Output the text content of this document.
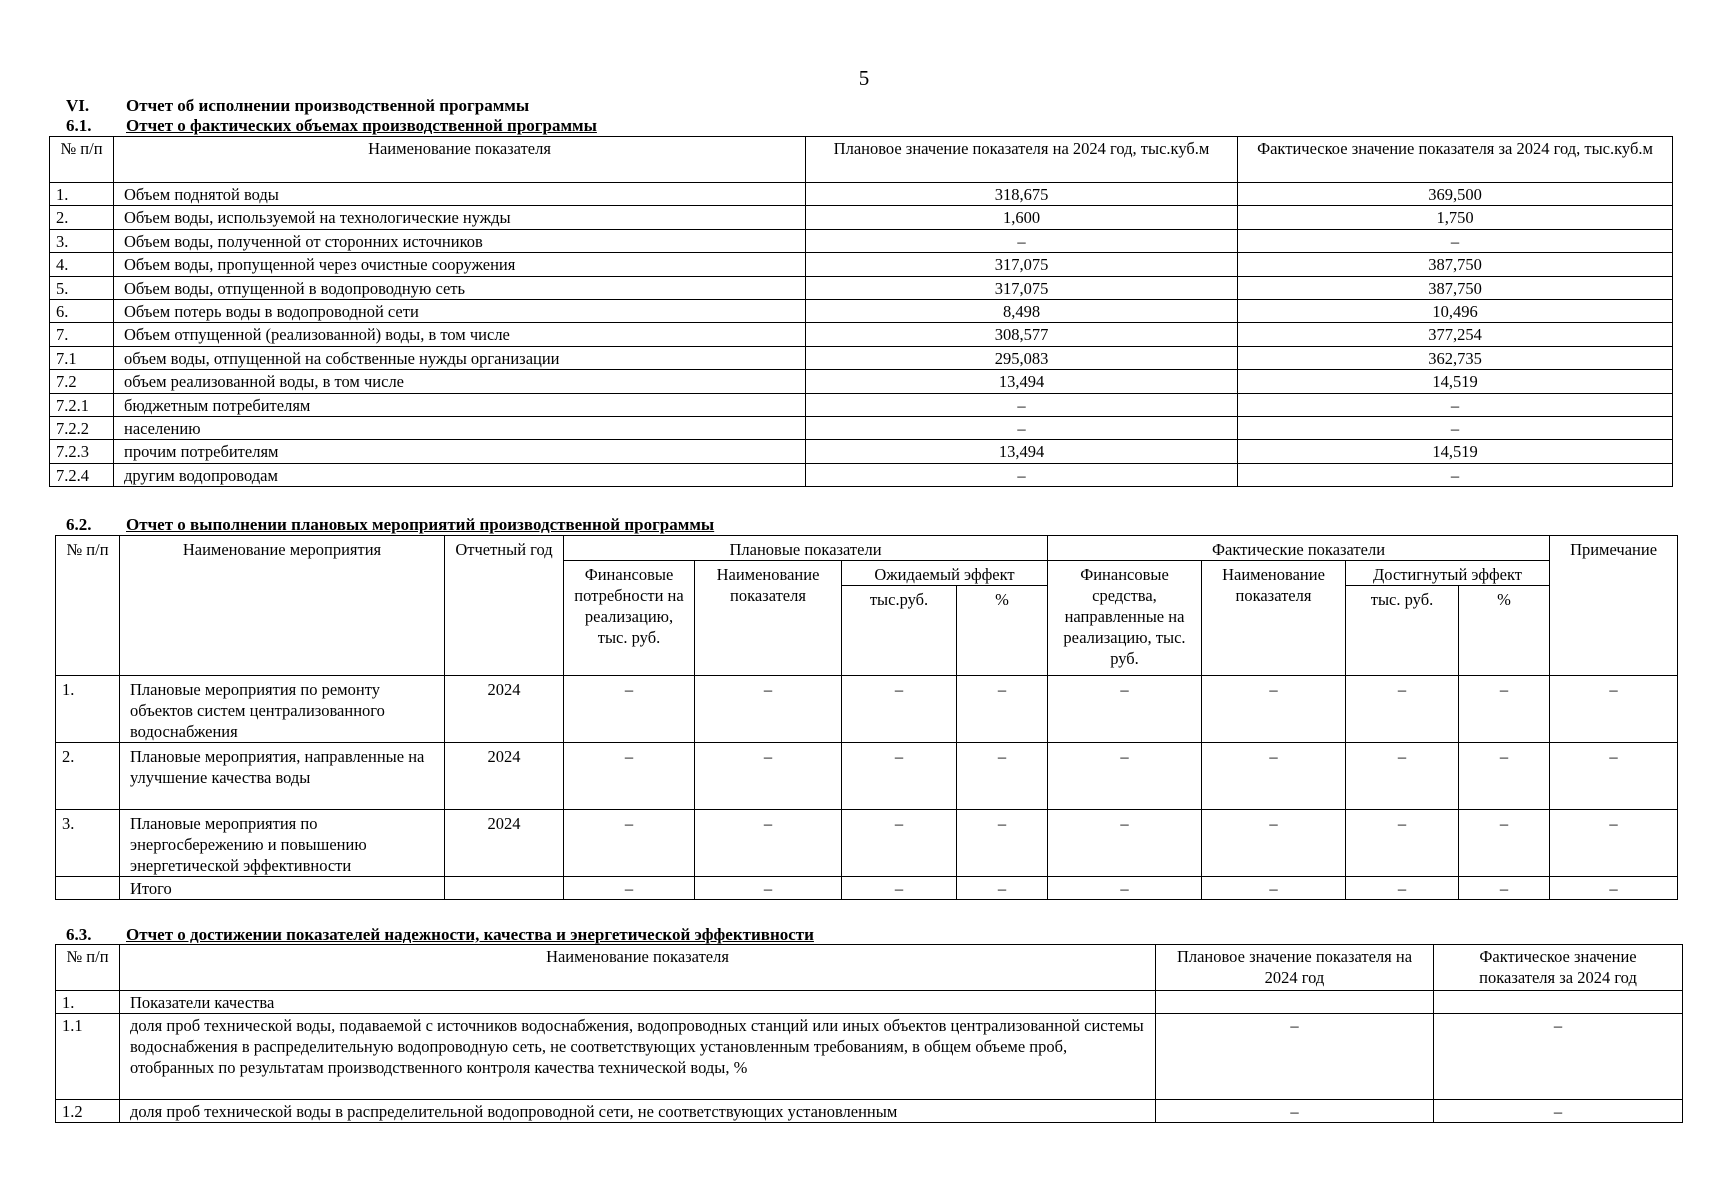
5
VI. Отчет об исполнении производственной программы
6.1. Отчет о фактических объемах производственной программы
№ п/п	Наименование показателя	Плановое значение показателя на 2024 год, тыс.куб.м	Фактическое значение показателя за 2024 год, тыс.куб.м
1.	Объем поднятой воды	318,675	369,500
2.	Объем воды, используемой на технологические нужды	1,600	1,750
3.	Объем воды, полученной от сторонних источников	–	–
4.	Объем воды, пропущенной через очистные сооружения	317,075	387,750
5.	Объем воды, отпущенной в водопроводную сеть	317,075	387,750
6.	Объем потерь воды в водопроводной сети	8,498	10,496
7.	Объем отпущенной (реализованной) воды, в том числе	308,577	377,254
7.1	объем воды, отпущенной на собственные нужды организации	295,083	362,735
7.2	объем реализованной воды, в том числе	13,494	14,519
7.2.1	бюджетным потребителям	–	–
7.2.2	населению	–	–
7.2.3	прочим потребителям	13,494	14,519
7.2.4	другим водопроводам	–	–
6.2. Отчет о выполнении плановых мероприятий производственной программы
№ п/п	Наименование мероприятия	Отчетный год	Плановые показатели				Фактические показатели				Примечание
			Финансовые потребности на реализацию, тыс. руб.	Наименование показателя	Ожидаемый эффект		Финансовые средства, направленные на реализацию, тыс. руб.	Наименование показателя	Достигнутый эффект		
					тыс.руб.	%			тыс. руб.	%	
1.	Плановые мероприятия по ремонту объектов систем централизованного водоснабжения	2024	–	–	–	–	–	–	–	–	–
2.	Плановые мероприятия, направленные на улучшение качества воды	2024	–	–	–	–	–	–	–	–	–
3.	Плановые мероприятия по энергосбережению и повышению энергетической эффективности	2024	–	–	–	–	–	–	–	–	–
	Итого		–	–	–	–	–	–	–	–	–
6.3. Отчет о достижении показателей надежности, качества и энергетической эффективности
№ п/п	Наименование показателя	Плановое значение показателя на 2024 год	Фактическое значение показателя за 2024 год
1.	Показатели качества		
1.1	доля проб технической воды, подаваемой с источников водоснабжения, водопроводных станций или иных объектов централизованной системы водоснабжения в распределительную водопроводную сеть, не соответствующих установленным требованиям, в общем объеме проб, отобранных по результатам производственного контроля качества технической воды, %	–	–
1.2	доля проб технической воды в распределительной водопроводной сети, не соответствующих установленным	–	–
